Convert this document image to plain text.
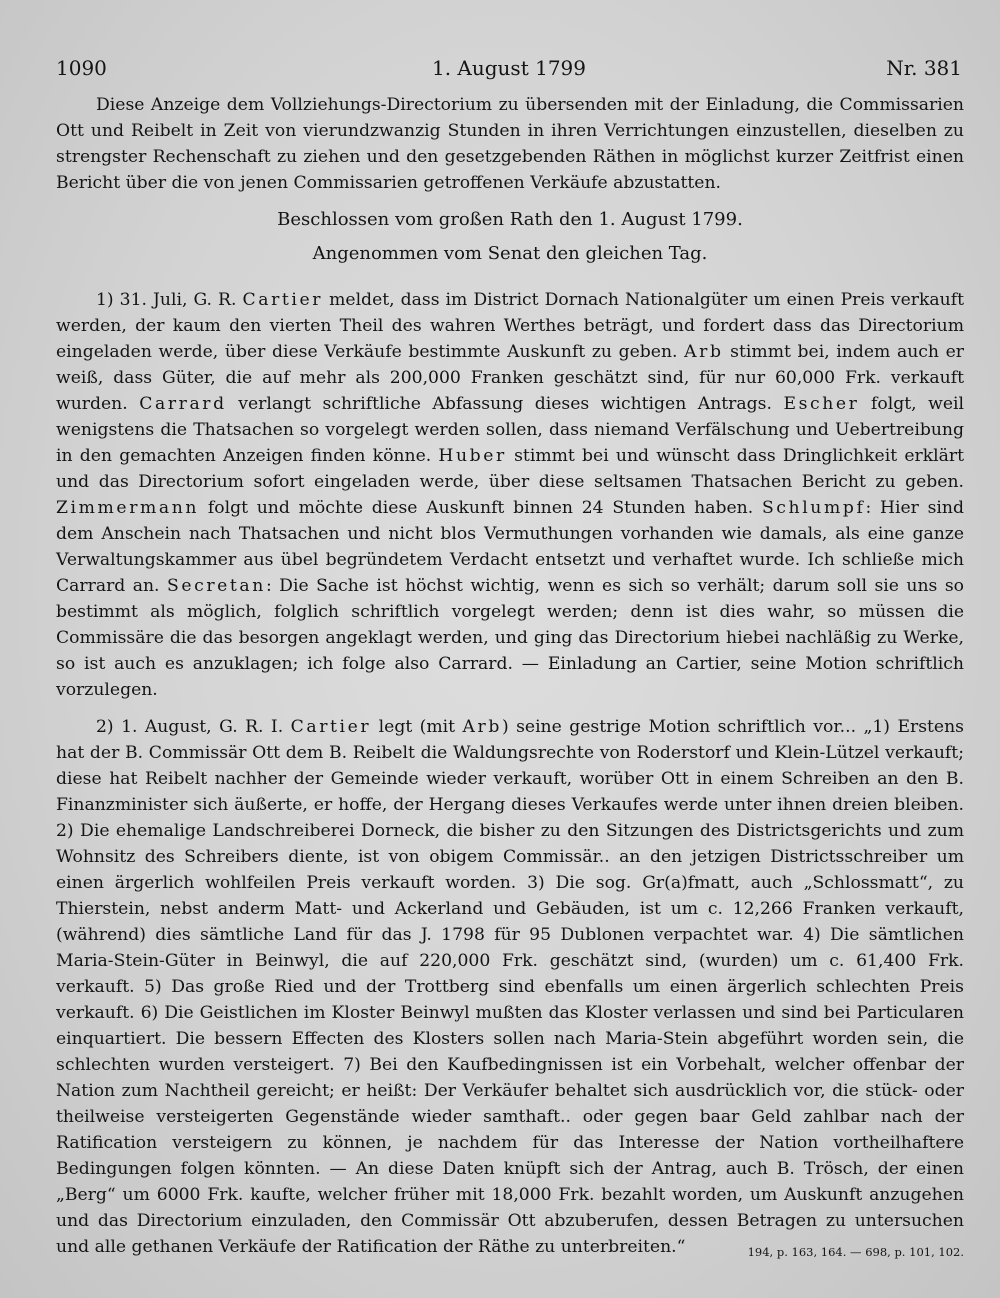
1090	1. August 1799	Nr. 381

Diese Anzeige dem Vollziehungs-Directorium zu übersenden mit der Einladung, die Commissarien Ott und Reibelt in Zeit von vierundzwanzig Stunden in ihren Verrichtungen einzustellen, dieselben zu strengster Rechenschaft zu ziehen und den gesetzgebenden Räthen in möglichst kurzer Zeitfrist einen Bericht über die von jenen Commissarien getroffenen Verkäufe abzustatten.

Beschlossen vom großen Rath den 1. August 1799.

Angenommen vom Senat den gleichen Tag.

1) 31. Juli, G. R. Cartier meldet, dass im District Dornach Nationalgüter um einen Preis verkauft werden, der kaum den vierten Theil des wahren Werthes beträgt, und fordert dass das Directorium eingeladen werde, über diese Verkäufe bestimmte Auskunft zu geben. Arb stimmt bei, indem auch er weiß, dass Güter, die auf mehr als 200,000 Franken geschätzt sind, für nur 60,000 Frk. verkauft wurden. Carrard verlangt schriftliche Abfassung dieses wichtigen Antrags. Escher folgt, weil wenigstens die Thatsachen so vorgelegt werden sollen, dass niemand Verfälschung und Uebertreibung in den gemachten Anzeigen finden könne. Huber stimmt bei und wünscht dass Dringlichkeit erklärt und das Directorium sofort eingeladen werde, über diese seltsamen Thatsachen Bericht zu geben. Zimmermann folgt und möchte diese Auskunft binnen 24 Stunden haben. Schlumpf: Hier sind dem Anschein nach Thatsachen und nicht blos Vermuthungen vorhanden wie damals, als eine ganze Verwaltungskammer aus übel begründetem Verdacht entsetzt und verhaftet wurde. Ich schließe mich Carrard an. Secretan: Die Sache ist höchst wichtig, wenn es sich so verhält; darum soll sie uns so bestimmt als möglich, folglich schriftlich vorgelegt werden; denn ist dies wahr, so müssen die Commissäre die das besorgen angeklagt werden, und ging das Directorium hiebei nachläßig zu Werke, so ist auch es anzuklagen; ich folge also Carrard. — Einladung an Cartier, seine Motion schriftlich vorzulegen.

2) 1. August, G. R. I. Cartier legt (mit Arb) seine gestrige Motion schriftlich vor... „1) Erstens hat der B. Commissär Ott dem B. Reibelt die Waldungsrechte von Roderstorf und Klein-Lützel verkauft; diese hat Reibelt nachher der Gemeinde wieder verkauft, worüber Ott in einem Schreiben an den B. Finanzminister sich äußerte, er hoffe, der Hergang dieses Verkaufes werde unter ihnen dreien bleiben. 2) Die ehemalige Landschreiberei Dorneck, die bisher zu den Sitzungen des Districtsgerichts und zum Wohnsitz des Schreibers diente, ist von obigem Commissär.. an den jetzigen Districtsschreiber um einen ärgerlich wohlfeilen Preis verkauft worden. 3) Die sog. Gr(a)fmatt, auch „Schlossmatt“, zu Thierstein, nebst anderm Matt- und Ackerland und Gebäuden, ist um c. 12,266 Franken verkauft, (während) dies sämtliche Land für das J. 1798 für 95 Dublonen verpachtet war. 4) Die sämtlichen Maria-Stein-Güter in Beinwyl, die auf 220,000 Frk. geschätzt sind, (wurden) um c. 61,400 Frk. verkauft. 5) Das große Ried und der Trottberg sind ebenfalls um einen ärgerlich schlechten Preis verkauft. 6) Die Geistlichen im Kloster Beinwyl mußten das Kloster verlassen und sind bei Particularen einquartiert. Die bessern Effecten des Klosters sollen nach Maria-Stein abgeführt worden sein, die schlechten wurden versteigert. 7) Bei den Kaufbedingnissen ist ein Vorbehalt, welcher offenbar der Nation zum Nachtheil gereicht; er heißt: Der Verkäufer behaltet sich ausdrücklich vor, die stück- oder theilweise versteigerten Gegenstände wieder samthaft.. oder gegen baar Geld zahlbar nach der Ratification versteigern zu können, je nachdem für das Interesse der Nation vortheilhaftere Bedingungen folgen könnten. — An diese Daten knüpft sich der Antrag, auch B. Trösch, der einen „Berg“ um 6000 Frk. kaufte, welcher früher mit 18,000 Frk. bezahlt worden, um Auskunft anzugehen und das Directorium einzuladen, den Commissär Ott abzuberufen, dessen Betragen zu untersuchen und alle gethanen Verkäufe der Ratification der Räthe zu unterbreiten.“	194, p. 163, 164. — 698, p. 101, 102.
